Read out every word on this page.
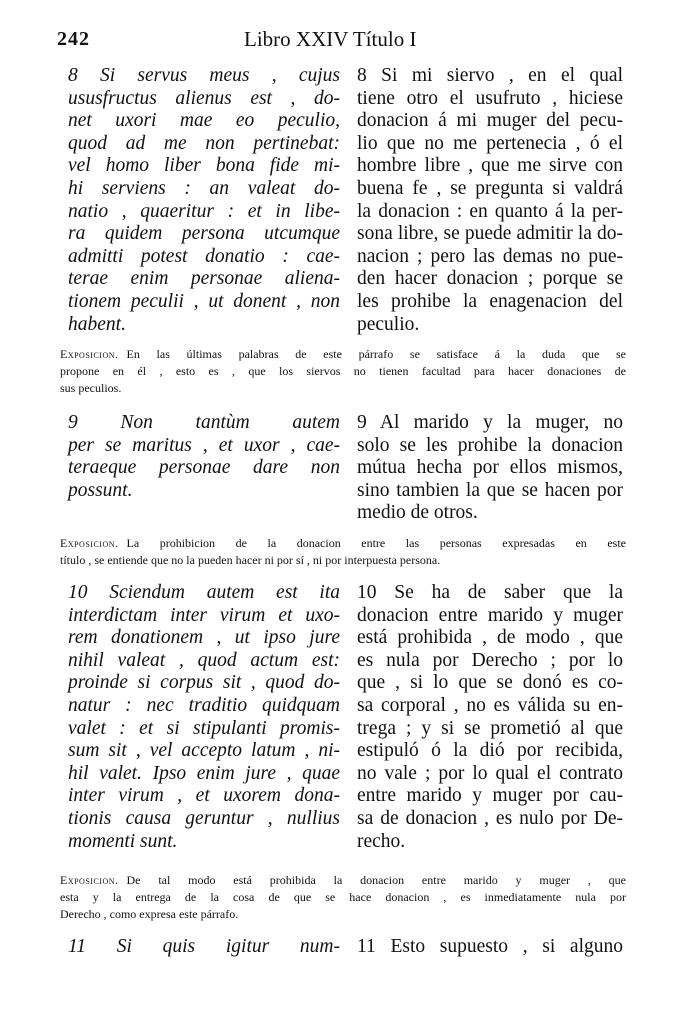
242	Libro XXIV Título I
8 Si servus meus , cujus
ususfructus alienus est , do-
net uxori mae eo peculio,
quod ad me non pertinebat:
vel homo liber bona fide mi-
hi serviens : an valeat do-
natio , quaeritur : et in libe-
ra quidem persona utcumque
admitti potest donatio : cae-
terae enim personae aliena-
tionem peculii , ut donent , non
habent.
8 Si mi siervo , en el qual
tiene otro el usufruto , hiciese
donacion á mi muger del pecu-
lio que no me pertenecia , ó el
hombre libre , que me sirve con
buena fe , se pregunta si valdrá
la donacion : en quanto á la per-
sona libre, se puede admitir la do-
nacion ; pero las demas no pue-
den hacer donacion ; porque se
les prohibe la enagenacion del
peculio.
Exposicion. En las últimas palabras de este párrafo se satisface á la duda que se
propone en él , esto es , que los siervos no tienen facultad para hacer donaciones de
sus peculios.
9 Non tantùm autem
per se maritus , et uxor , cae-
teraeque personae dare non
possunt.
9 Al marido y la muger, no
solo se les prohibe la donacion
mútua hecha por ellos mismos,
sino tambien la que se hacen por
medio de otros.
Exposicion. La prohibicion de la donacion entre las personas expresadas en este
título , se entiende que no la pueden hacer ni por sí , ni por interpuesta persona.
10 Sciendum autem est ita
interdictam inter virum et uxo-
rem donationem , ut ipso jure
nihil valeat , quod actum est:
proinde si corpus sit , quod do-
natur : nec traditio quidquam
valet : et si stipulanti promis-
sum sit , vel accepto latum , ni-
hil valet. Ipso enim jure , quae
inter virum , et uxorem dona-
tionis causa geruntur , nullius
momenti sunt.
10 Se ha de saber que la
donacion entre marido y muger
está prohibida , de modo , que
es nula por Derecho ; por lo
que , si lo que se donó es co-
sa corporal , no es válida su en-
trega ; y si se prometió al que
estipuló ó la dió por recibida,
no vale ; por lo qual el contrato
entre marido y muger por cau-
sa de donacion , es nulo por De-
recho.
Exposicion. De tal modo está prohibida la donacion entre marido y muger , que
esta y la entrega de la cosa de que se hace donacion , es inmediatamente nula por
Derecho , como expresa este párrafo.
11 Si quis igitur num- 11 Esto supuesto , si alguno
